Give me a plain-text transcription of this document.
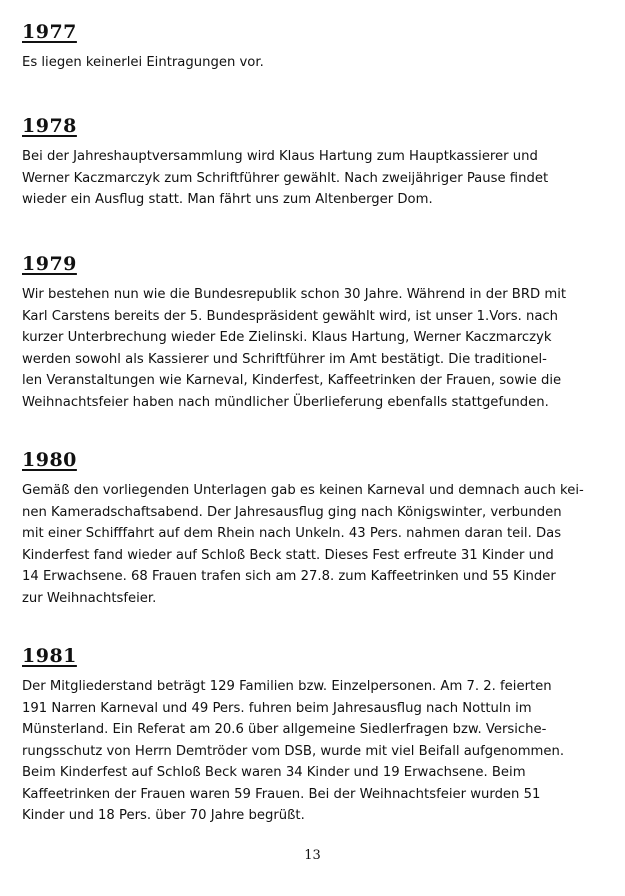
1977

Es liegen keinerlei Eintragungen vor.

1978

Bei der Jahreshauptversammlung wird Klaus Hartung zum Hauptkassierer und
Werner Kaczmarczyk zum Schriftführer gewählt. Nach zweijähriger Pause findet
wieder ein Ausflug statt. Man fährt uns zum Altenberger Dom.

1979

Wir bestehen nun wie die Bundesrepublik schon 30 Jahre. Während in der BRD mit
Karl Carstens bereits der 5. Bundespräsident gewählt wird, ist unser 1.Vors. nach
kurzer Unterbrechung wieder Ede Zielinski. Klaus Hartung, Werner Kaczmarczyk
werden sowohl als Kassierer und Schriftführer im Amt bestätigt. Die traditionel-
len Veranstaltungen wie Karneval, Kinderfest, Kaffeetrinken der Frauen, sowie die
Weihnachtsfeier haben nach mündlicher Überlieferung ebenfalls stattgefunden.

1980

Gemäß den vorliegenden Unterlagen gab es keinen Karneval und demnach auch kei-
nen Kameradschaftsabend. Der Jahresausflug ging nach Königswinter, verbunden
mit einer Schifffahrt auf dem Rhein nach Unkeln. 43 Pers. nahmen daran teil. Das
Kinderfest fand wieder auf Schloß Beck statt. Dieses Fest erfreute 31 Kinder und
14 Erwachsene. 68 Frauen trafen sich am 27.8. zum Kaffeetrinken und 55 Kinder
zur Weihnachtsfeier.

1981

Der Mitgliederstand beträgt 129 Familien bzw. Einzelpersonen. Am 7. 2. feierten
191 Narren Karneval und 49 Pers. fuhren beim Jahresausflug nach Nottuln im
Münsterland. Ein Referat am 20.6 über allgemeine Siedlerfragen bzw. Versiche-
rungsschutz von Herrn Demtröder vom DSB, wurde mit viel Beifall aufgenommen.
Beim Kinderfest auf Schloß Beck waren 34 Kinder und 19 Erwachsene. Beim
Kaffeetrinken der Frauen waren 59 Frauen. Bei der Weihnachtsfeier wurden 51
Kinder und 18 Pers. über 70 Jahre begrüßt.

13
